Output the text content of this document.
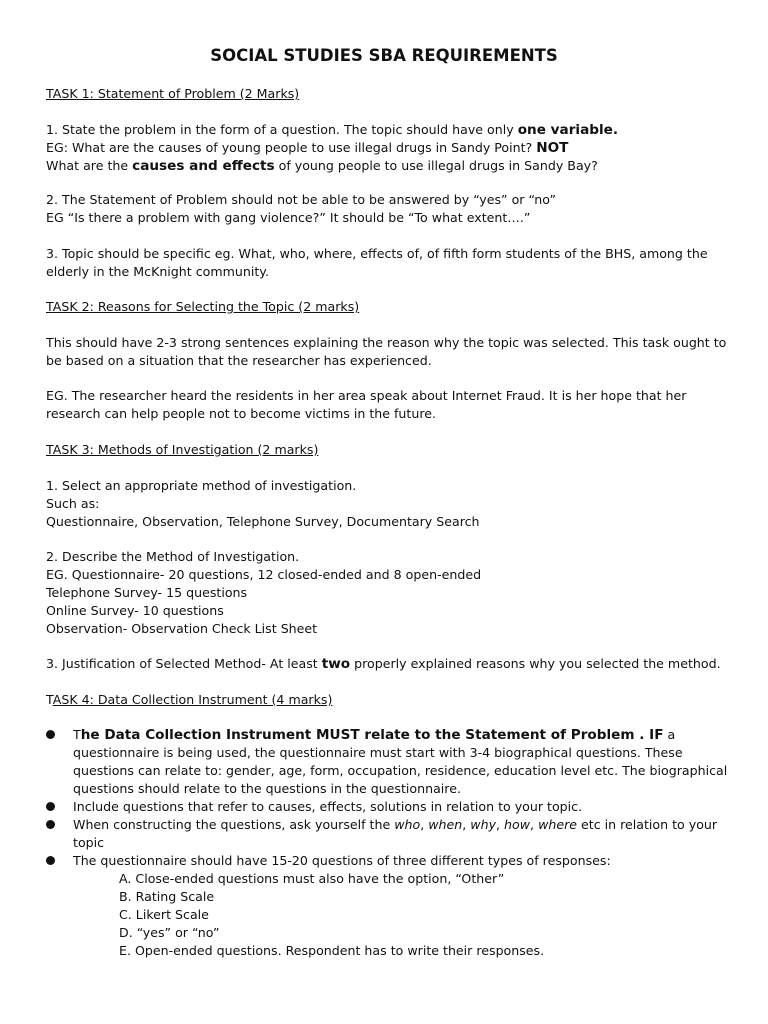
SOCIAL STUDIES SBA REQUIREMENTS
TASK 1: Statement of Problem (2 Marks)
1. State the problem in the form of a question. The topic should have only one variable.
EG: What are the causes of young people to use illegal drugs in Sandy Point? NOT
What are the causes and effects of young people to use illegal drugs in Sandy Bay?
2. The Statement of Problem should not be able to be answered by “yes” or “no”
EG “Is there a problem with gang violence?” It should be “To what extent….”
3. Topic should be specific eg. What, who, where, effects of, of fifth form students of the BHS, among the elderly in the McKnight community.
TASK 2: Reasons for Selecting the Topic (2 marks)
This should have 2-3 strong sentences explaining the reason why the topic was selected. This task ought to be based on a situation that the researcher has experienced.
EG. The researcher heard the residents in her area speak about Internet Fraud. It is her hope that her research can help people not to become victims in the future.
TASK 3: Methods of Investigation (2 marks)
1. Select an appropriate method of investigation.
Such as:
Questionnaire, Observation, Telephone Survey, Documentary Search
2. Describe the Method of Investigation.
EG. Questionnaire- 20 questions, 12 closed-ended and 8 open-ended
Telephone Survey- 15 questions
Online Survey- 10 questions
Observation- Observation Check List Sheet
3. Justification of Selected Method- At least two properly explained reasons why you selected the method.
TASK 4: Data Collection Instrument (4 marks)
The Data Collection Instrument MUST relate to the Statement of Problem . IF a questionnaire is being used, the questionnaire must start with 3-4 biographical questions. These questions can relate to: gender, age, form, occupation, residence, education level etc. The biographical questions should relate to the questions in the questionnaire.
Include questions that refer to causes, effects, solutions in relation to your topic.
When constructing the questions, ask yourself the who, when, why, how, where etc in relation to your topic
The questionnaire should have 15-20 questions of three different types of responses:
A. Close-ended questions must also have the option, “Other”
B. Rating Scale
C. Likert Scale
D. “yes” or “no”
E. Open-ended questions. Respondent has to write their responses.
